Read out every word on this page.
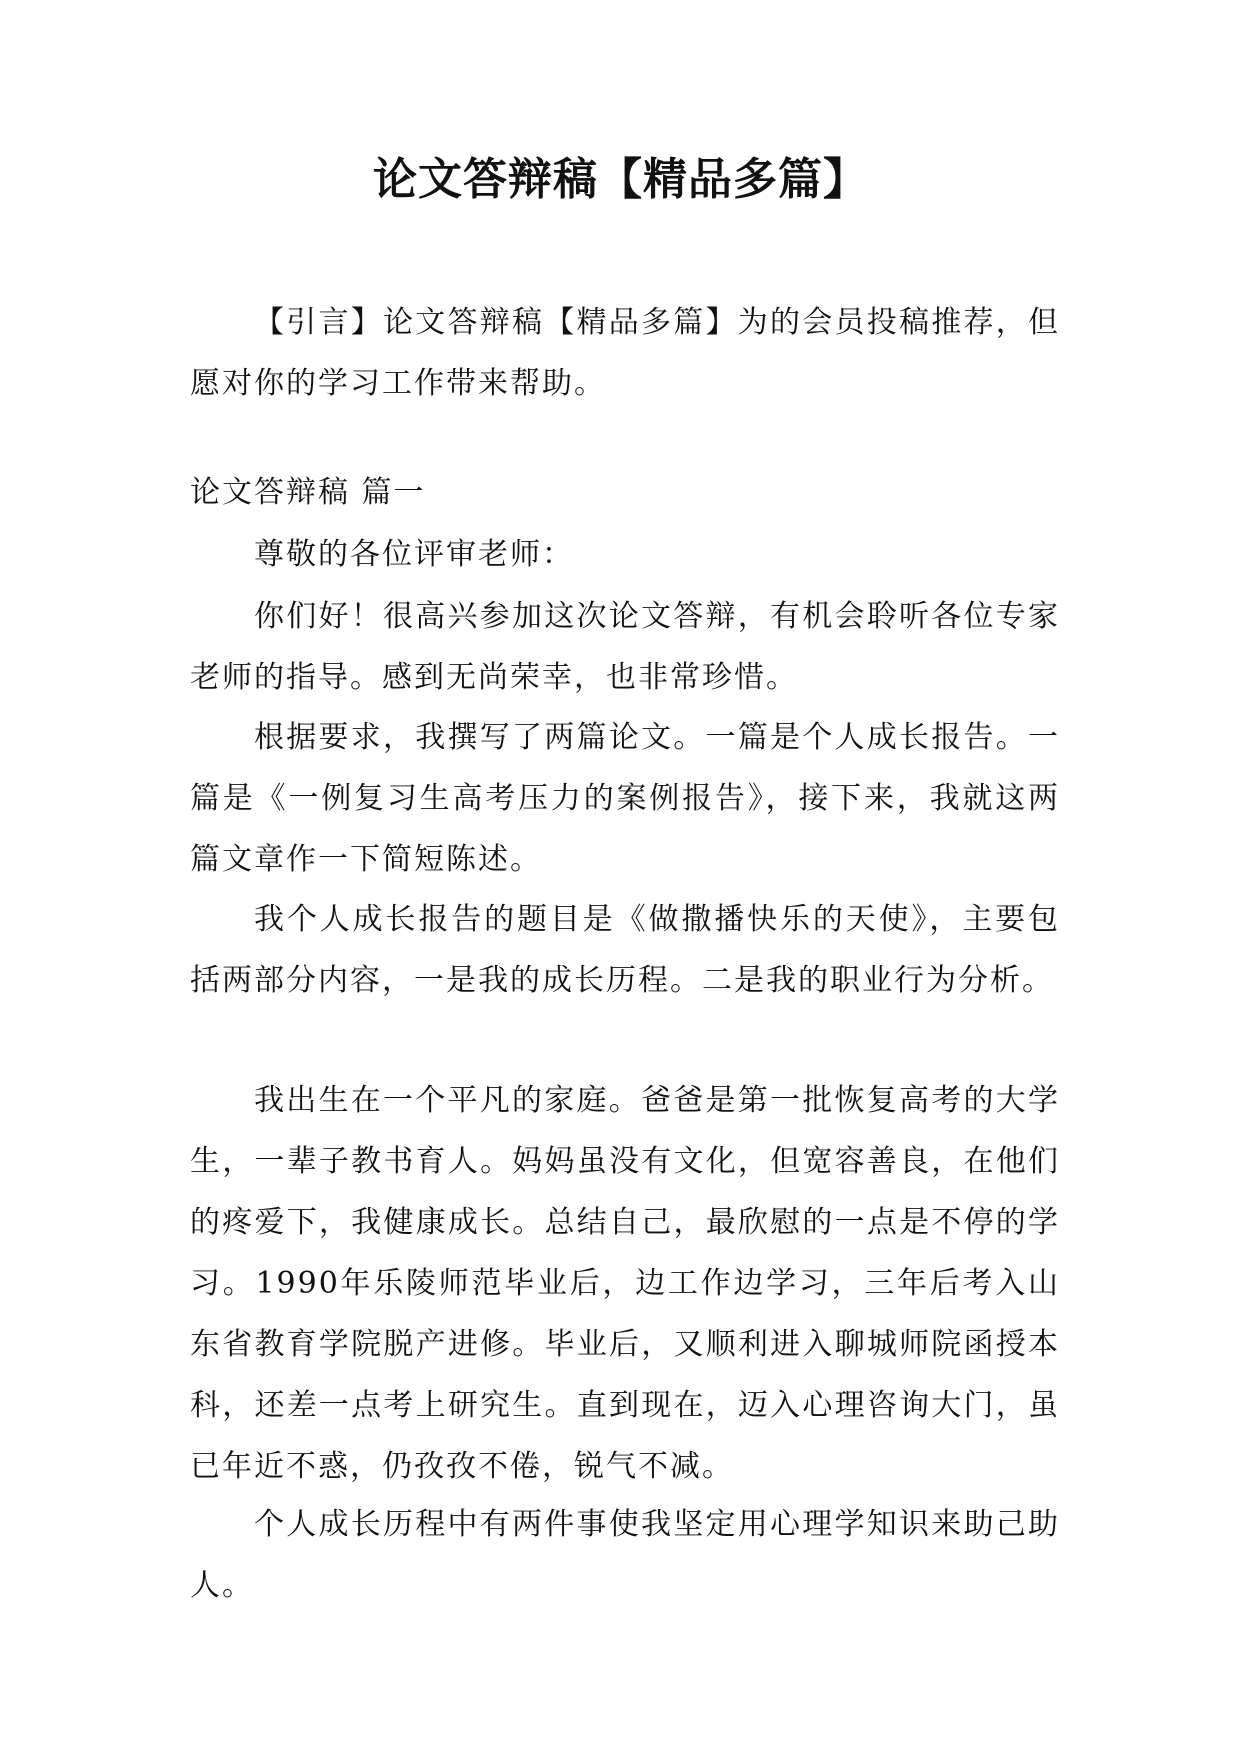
论文答辩稿【精品多篇】

【引言】论文答辩稿【精品多篇】为的会员投稿推荐，但愿对你的学习工作带来帮助。

论文答辩稿 篇一

尊敬的各位评审老师：

你们好！很高兴参加这次论文答辩，有机会聆听各位专家老师的指导。感到无尚荣幸，也非常珍惜。

根据要求，我撰写了两篇论文。一篇是个人成长报告。一篇是《一例复习生高考压力的案例报告》，接下来，我就这两篇文章作一下简短陈述。

我个人成长报告的题目是《做撒播快乐的天使》，主要包括两部分内容，一是我的成长历程。二是我的职业行为分析。

我出生在一个平凡的家庭。爸爸是第一批恢复高考的大学生，一辈子教书育人。妈妈虽没有文化，但宽容善良，在他们的疼爱下，我健康成长。总结自己，最欣慰的一点是不停的学习。1990年乐陵师范毕业后，边工作边学习，三年后考入山东省教育学院脱产进修。毕业后，又顺利进入聊城师院函授本科，还差一点考上研究生。直到现在，迈入心理咨询大门，虽已年近不惑，仍孜孜不倦，锐气不减。

个人成长历程中有两件事使我坚定用心理学知识来助己助人。
